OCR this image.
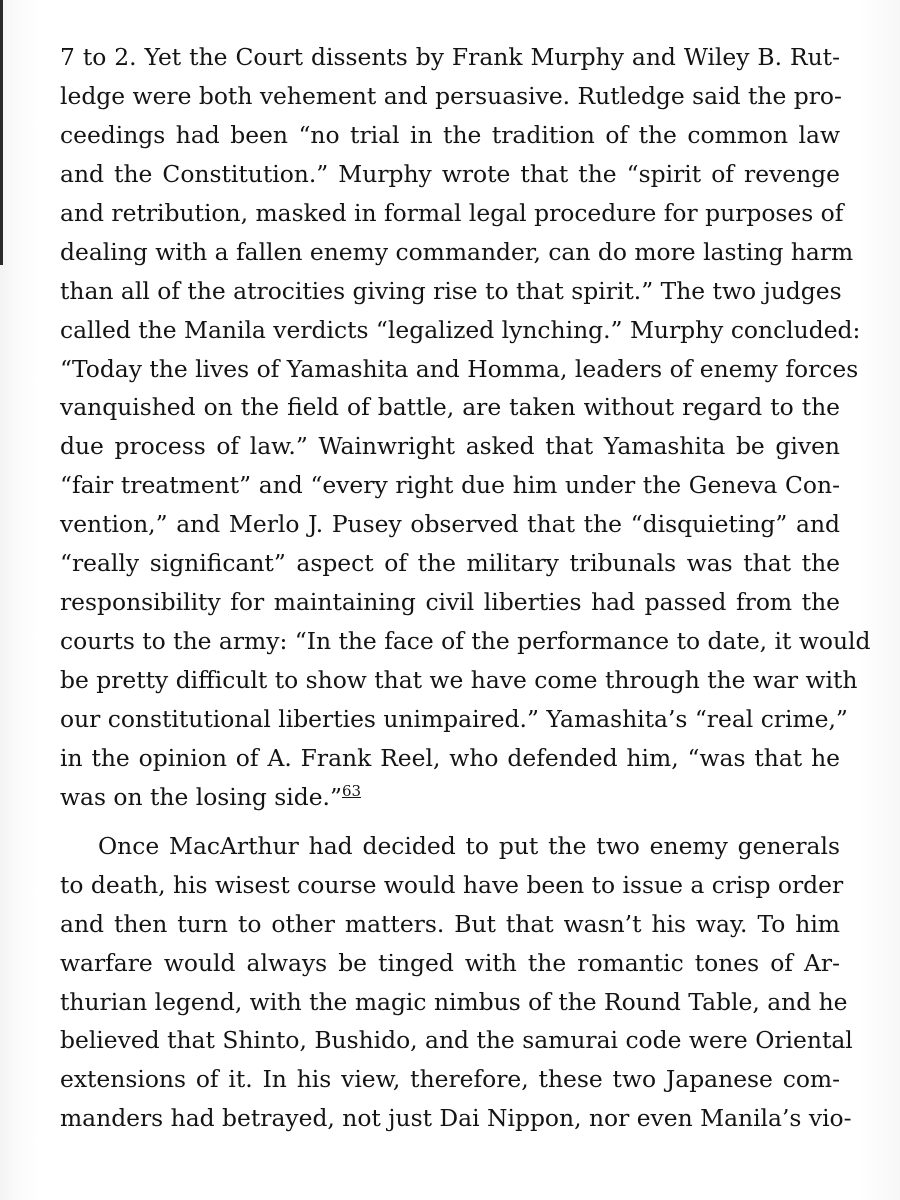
7 to 2. Yet the Court dissents by Frank Murphy and Wiley B. Rut-
ledge were both vehement and persuasive. Rutledge said the pro-
ceedings had been “no trial in the tradition of the common law
and the Constitution.” Murphy wrote that the “spirit of revenge
and retribution, masked in formal legal procedure for purposes of
dealing with a fallen enemy commander, can do more lasting harm
than all of the atrocities giving rise to that spirit.” The two judges
called the Manila verdicts “legalized lynching.” Murphy concluded:
“Today the lives of Yamashita and Homma, leaders of enemy forces
vanquished on the field of battle, are taken without regard to the
due process of law.” Wainwright asked that Yamashita be given
“fair treatment” and “every right due him under the Geneva Con-
vention,” and Merlo J. Pusey observed that the “disquieting” and
“really significant” aspect of the military tribunals was that the
responsibility for maintaining civil liberties had passed from the
courts to the army: “In the face of the performance to date, it would
be pretty difficult to show that we have come through the war with
our constitutional liberties unimpaired.” Yamashita’s “real crime,”
in the opinion of A. Frank Reel, who defended him, “was that he
was on the losing side.”$^{63}$
Once MacArthur had decided to put the two enemy generals
to death, his wisest course would have been to issue a crisp order
and then turn to other matters. But that wasn’t his way. To him
warfare would always be tinged with the romantic tones of Ar-
thurian legend, with the magic nimbus of the Round Table, and he
believed that Shinto, Bushido, and the samurai code were Oriental
extensions of it. In his view, therefore, these two Japanese com-
manders had betrayed, not just Dai Nippon, nor even Manila’s vio-
